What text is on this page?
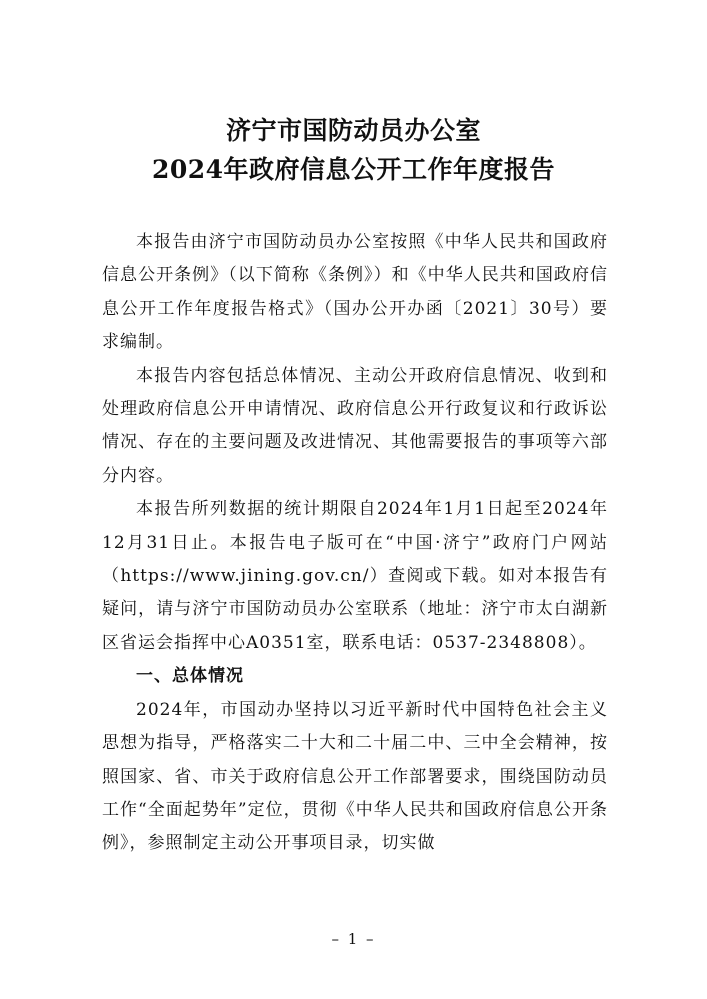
济宁市国防动员办公室
2024年政府信息公开工作年度报告

本报告由济宁市国防动员办公室按照《中华人民共和国政府信息公开条例》（以下简称《条例》）和《中华人民共和国政府信息公开工作年度报告格式》（国办公开办函〔2021〕30号）要求编制。

本报告内容包括总体情况、主动公开政府信息情况、收到和处理政府信息公开申请情况、政府信息公开行政复议和行政诉讼情况、存在的主要问题及改进情况、其他需要报告的事项等六部分内容。

本报告所列数据的统计期限自2024年1月1日起至2024年12月31日止。本报告电子版可在“中国·济宁”政府门户网站（https://www.jining.gov.cn/）查阅或下载。如对本报告有疑问，请与济宁市国防动员办公室联系（地址：济宁市太白湖新区省运会指挥中心A0351室，联系电话：0537-2348808）。

一、总体情况

2024年，市国动办坚持以习近平新时代中国特色社会主义思想为指导，严格落实二十大和二十届二中、三中全会精神，按照国家、省、市关于政府信息公开工作部署要求，围绕国防动员工作“全面起势年”定位，贯彻《中华人民共和国政府信息公开条例》，参照制定主动公开事项目录，切实做

– 1 –
